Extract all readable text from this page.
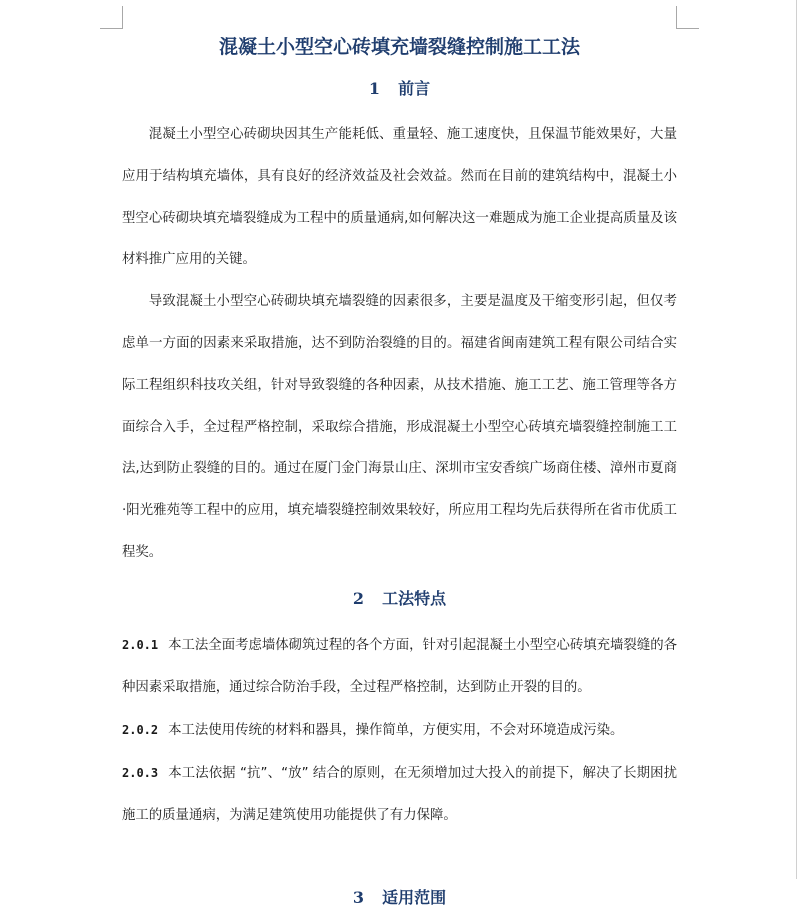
混凝土小型空心砖填充墙裂缝控制施工工法
1 前言

混凝土小型空心砖砌块因其生产能耗低、重量轻、施工速度快，且保温节能效果好，大量应用于结构填充墙体，具有良好的经济效益及社会效益。然而在目前的建筑结构中，混凝土小型空心砖砌块填充墙裂缝成为工程中的质量通病,如何解决这一难题成为施工企业提高质量及该材料推广应用的关键。

导致混凝土小型空心砖砌块填充墙裂缝的因素很多，主要是温度及干缩变形引起，但仅考虑单一方面的因素来采取措施，达不到防治裂缝的目的。福建省闽南建筑工程有限公司结合实际工程组织科技攻关组，针对导致裂缝的各种因素，从技术措施、施工工艺、施工管理等各方面综合入手，全过程严格控制，采取综合措施，形成混凝土小型空心砖填充墙裂缝控制施工工法,达到防止裂缝的目的。通过在厦门金门海景山庄、深圳市宝安香缤广场商住楼、漳州市夏商·阳光雅苑等工程中的应用，填充墙裂缝控制效果较好，所应用工程均先后获得所在省市优质工程奖。

2 工法特点

2.0.1 本工法全面考虑墙体砌筑过程的各个方面，针对引起混凝土小型空心砖填充墙裂缝的各种因素采取措施，通过综合防治手段，全过程严格控制，达到防止开裂的目的。

2.0.2 本工法使用传统的材料和器具，操作简单，方便实用，不会对环境造成污染。

2.0.3 本工法依据 “抗”、“放” 结合的原则，在无须增加过大投入的前提下，解决了长期困扰施工的质量通病，为满足建筑使用功能提供了有力保障。

3 适用范围
